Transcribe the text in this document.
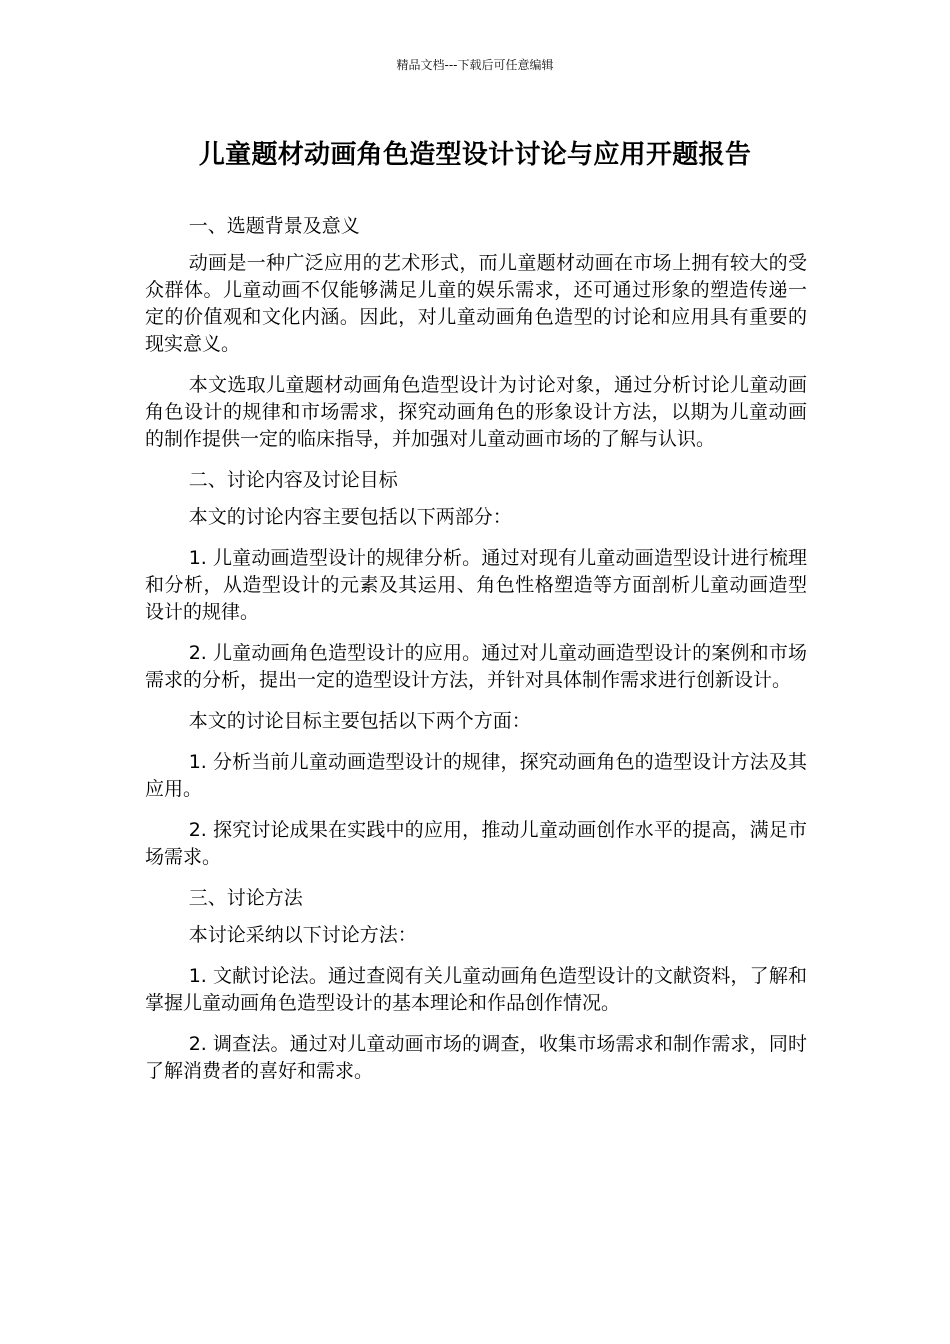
精品文档---下载后可任意编辑
儿童题材动画角色造型设计讨论与应用开题报告

一、选题背景及意义

动画是一种广泛应用的艺术形式，而儿童题材动画在市场上拥有较大的受众群体。儿童动画不仅能够满足儿童的娱乐需求，还可通过形象的塑造传递一定的价值观和文化内涵。因此，对儿童动画角色造型的讨论和应用具有重要的现实意义。

本文选取儿童题材动画角色造型设计为讨论对象，通过分析讨论儿童动画角色设计的规律和市场需求，探究动画角色的形象设计方法，以期为儿童动画的制作提供一定的临床指导，并加强对儿童动画市场的了解与认识。

二、讨论内容及讨论目标

本文的讨论内容主要包括以下两部分：

1. 儿童动画造型设计的规律分析。通过对现有儿童动画造型设计进行梳理和分析，从造型设计的元素及其运用、角色性格塑造等方面剖析儿童动画造型设计的规律。

2. 儿童动画角色造型设计的应用。通过对儿童动画造型设计的案例和市场需求的分析，提出一定的造型设计方法，并针对具体制作需求进行创新设计。

本文的讨论目标主要包括以下两个方面：

1. 分析当前儿童动画造型设计的规律，探究动画角色的造型设计方法及其应用。

2. 探究讨论成果在实践中的应用，推动儿童动画创作水平的提高，满足市场需求。

三、讨论方法

本讨论采纳以下讨论方法：

1. 文献讨论法。通过查阅有关儿童动画角色造型设计的文献资料，了解和掌握儿童动画角色造型设计的基本理论和作品创作情况。

2. 调查法。通过对儿童动画市场的调查，收集市场需求和制作需求，同时了解消费者的喜好和需求。
